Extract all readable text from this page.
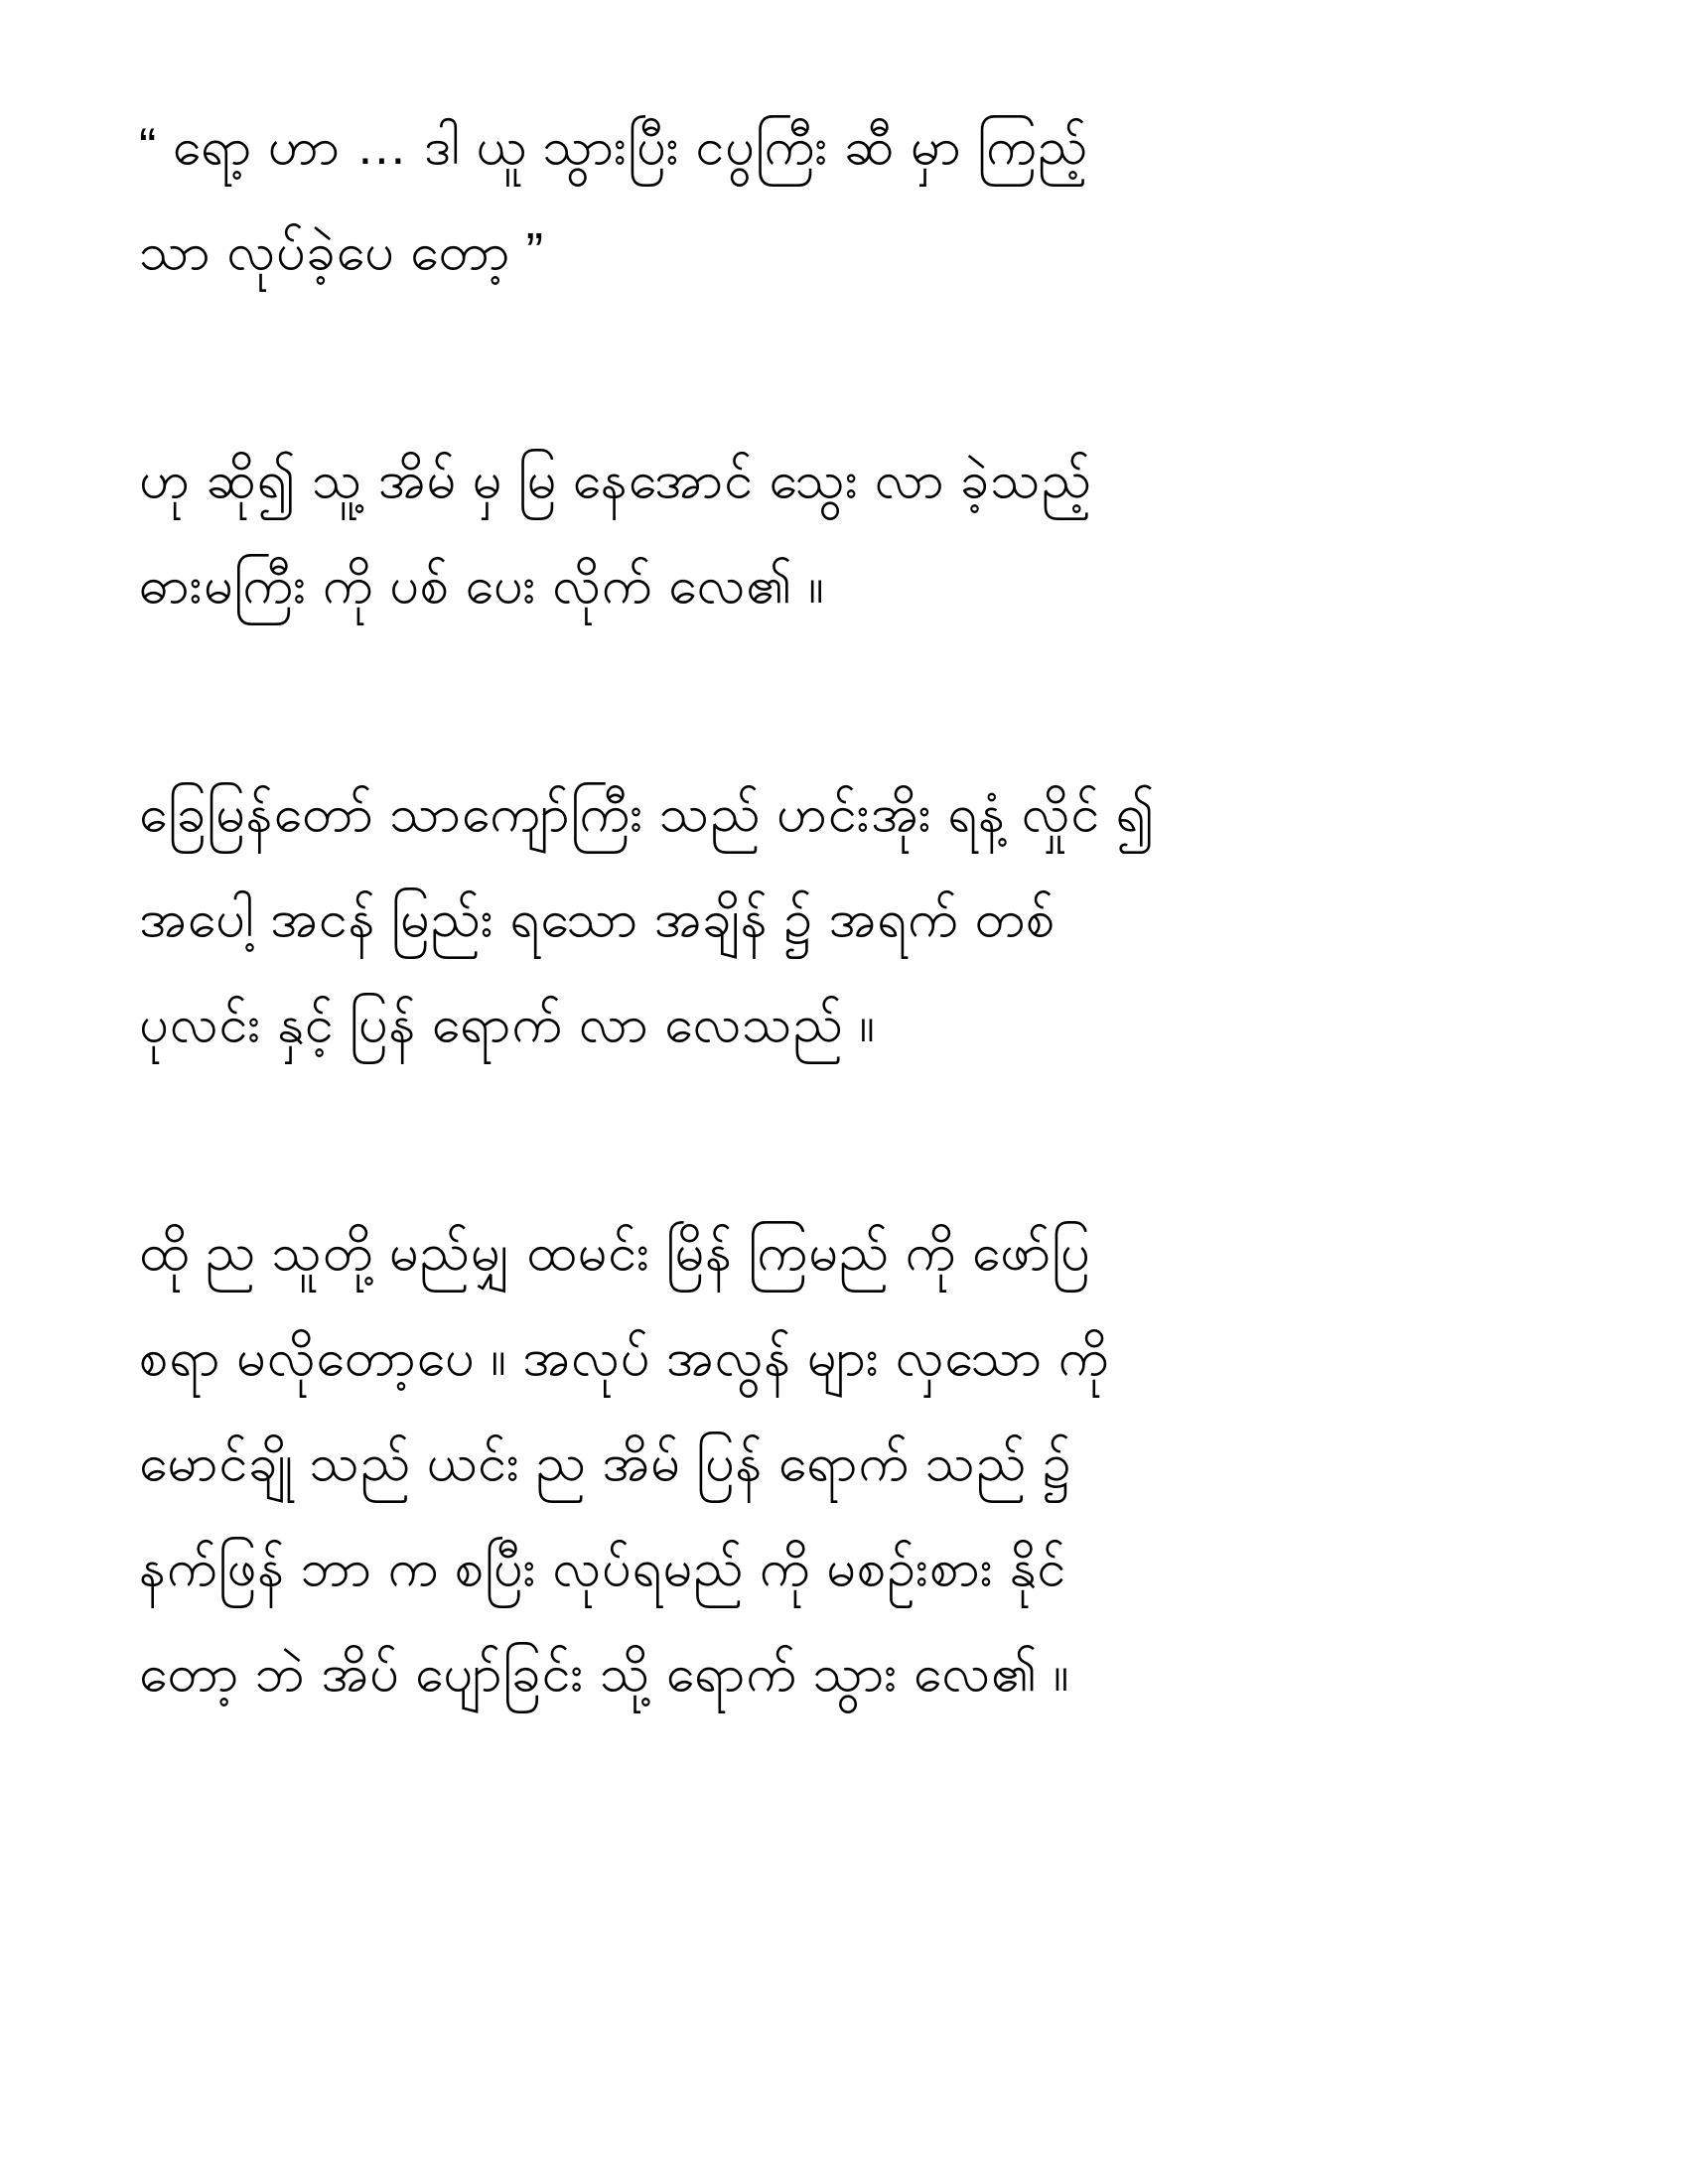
“ ရော့ ဟာ … ဒါ ယူ သွားပြီး ငပွကြီး ဆီ မှာ ကြည့်
သာ လုပ်ခဲ့ပေ တော့ ”
ဟု ဆို၍ သူ့ အိမ် မှ မြ နေအောင် သွေး လာ ခဲ့သည့်
ဓားမကြီး ကို ပစ် ပေး လိုက် လေ၏ ။
ခြေမြန်တော် သာကျော်ကြီး သည် ဟင်းအိုး ရနံ့ လှိုင် ၍
အပေါ့ အငန် မြည်း ရသော အချိန် ၌ အရက် တစ်
ပုလင်း နှင့် ပြန် ရောက် လာ လေသည် ။
ထို ည သူတို့ မည်မျှ ထမင်း မြိန် ကြမည် ကို ဖော်ပြ
စရာ မလိုတော့ပေ ။ အလုပ် အလွန် များ လှသော ကို
မောင်ချို သည် ယင်း ည အိမ် ပြန် ရောက် သည် ၌
နက်ဖြန် ဘာ က စပြီး လုပ်ရမည် ကို မစဉ်းစား နိုင်
တော့ ဘဲ အိပ် ပျော်ခြင်း သို့ ရောက် သွား လေ၏ ။
